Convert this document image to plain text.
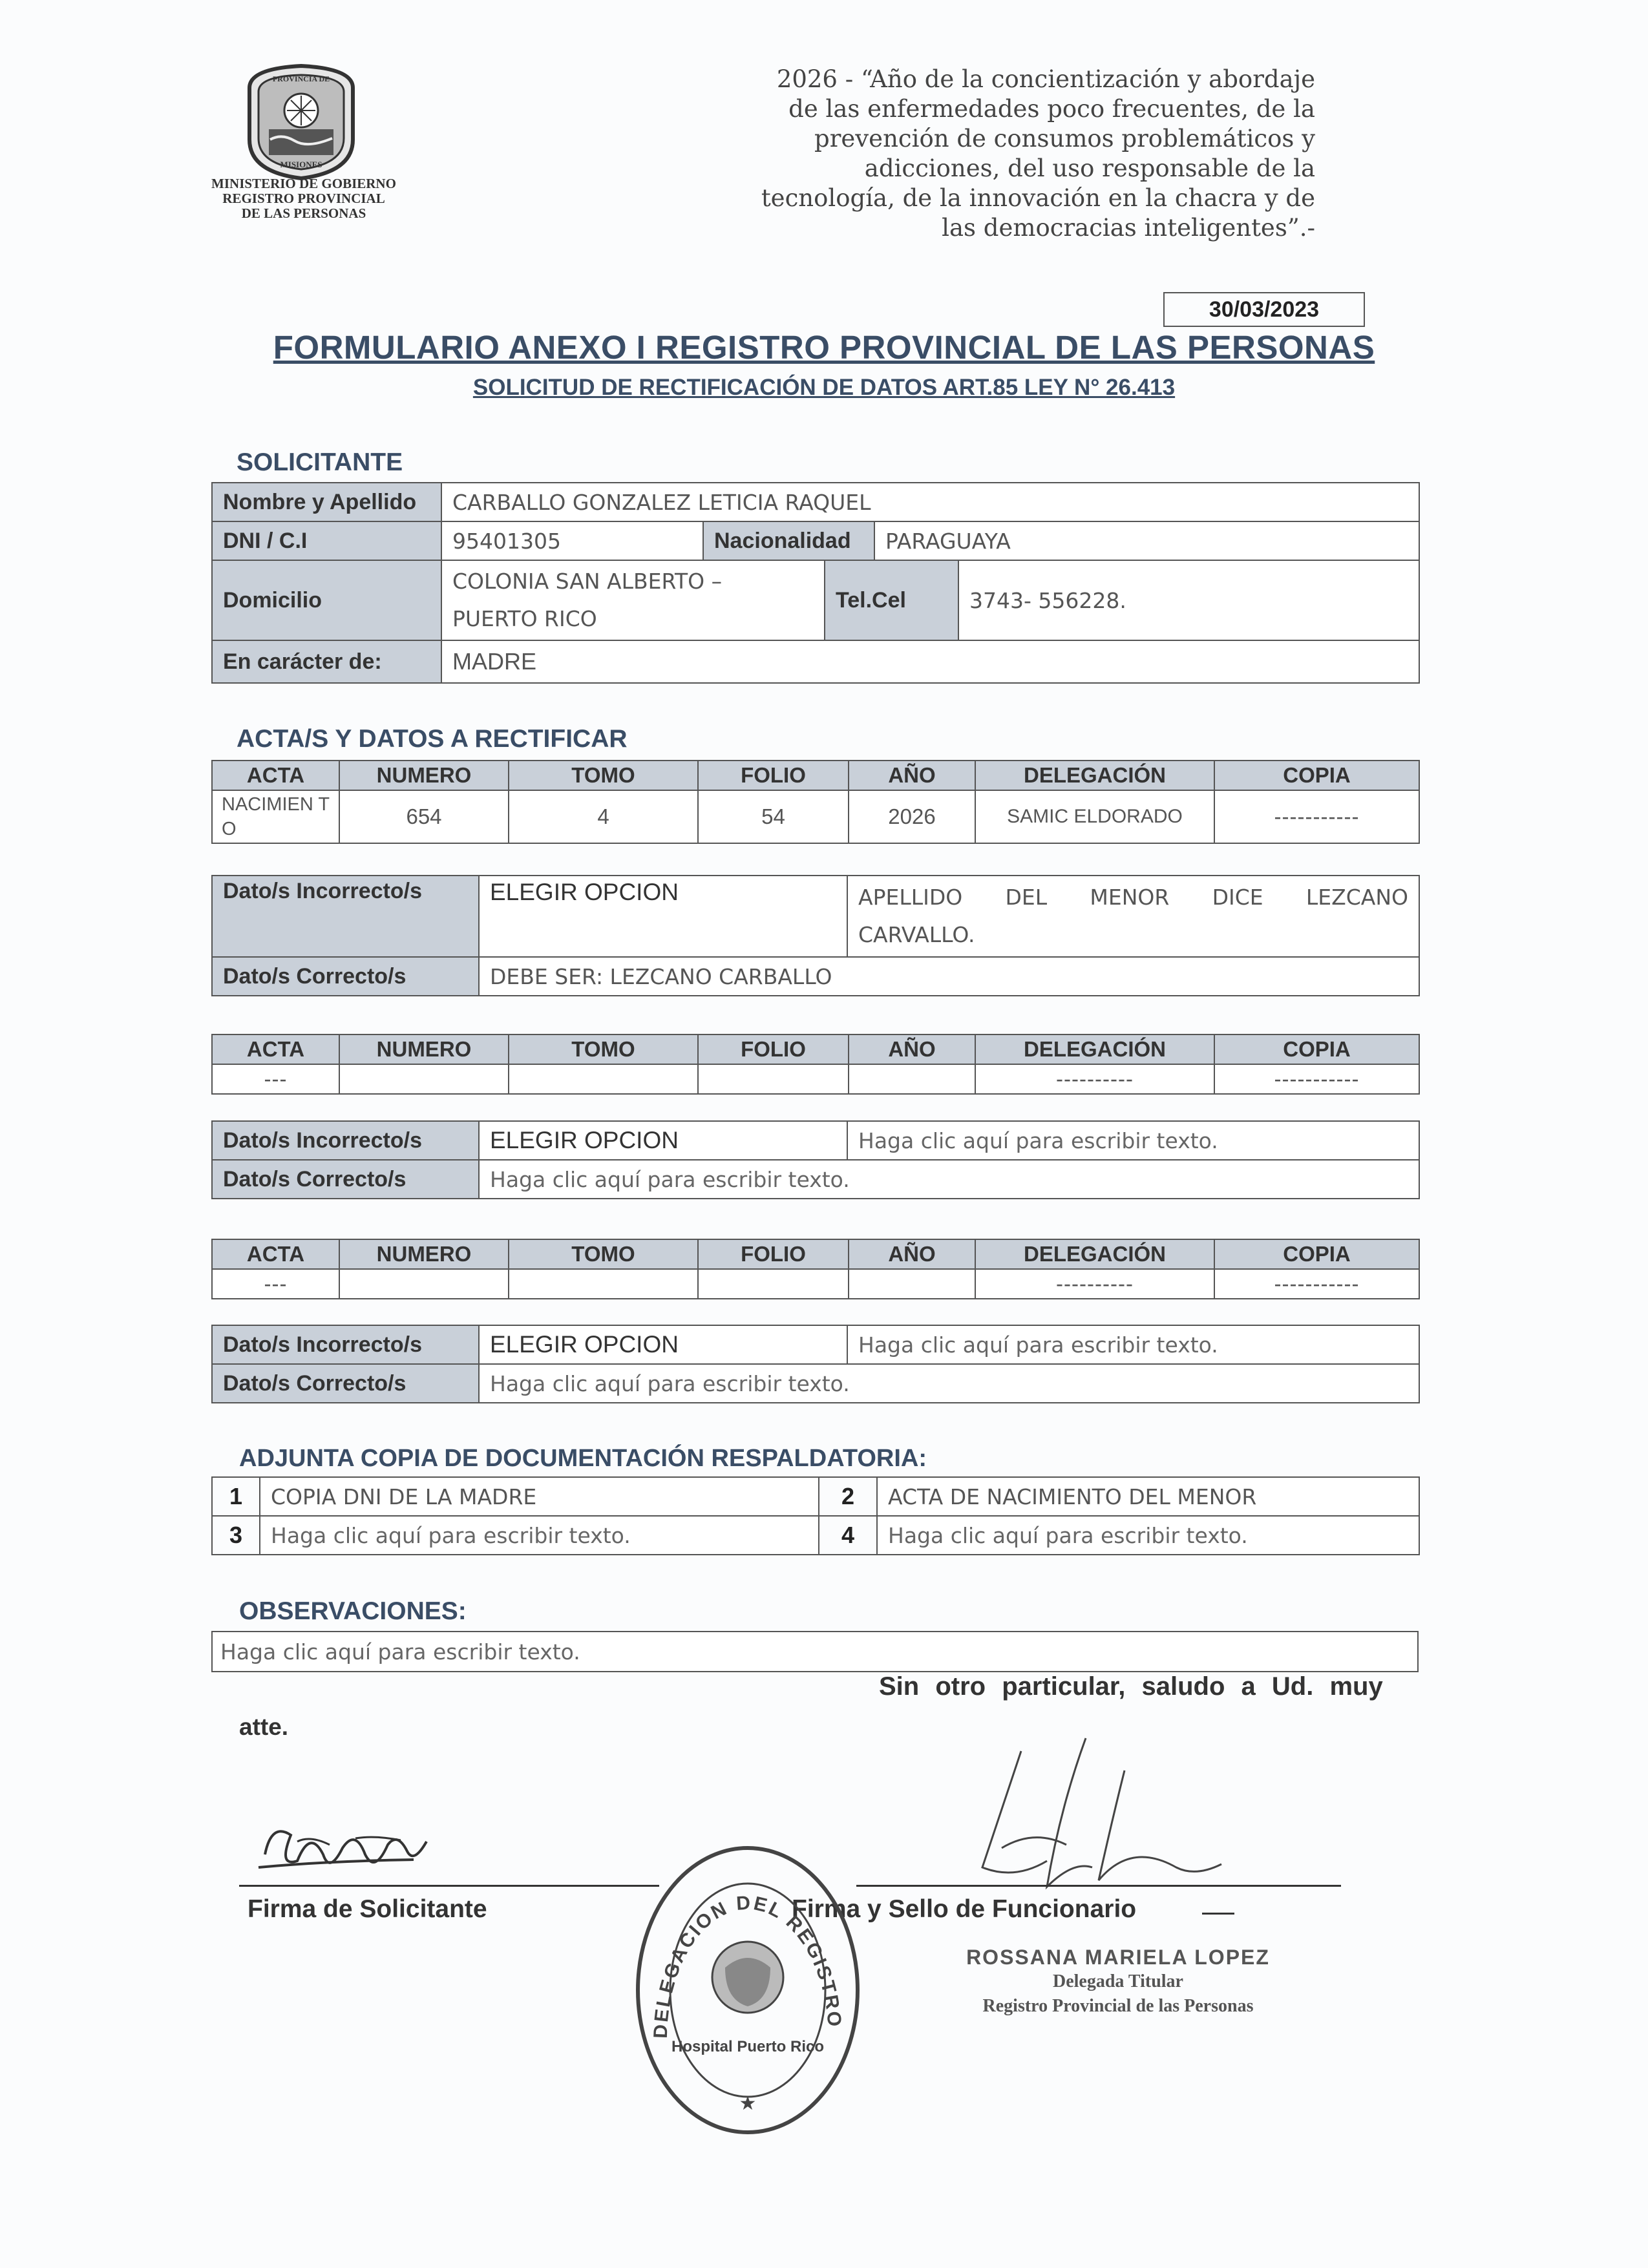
PROVINCIA DE
MISIONES
MINISTERIO DE GOBIERNO
REGISTRO PROVINCIAL
DE LAS PERSONAS
2026 - “Año de la concientización y abordaje
de las enfermedades poco frecuentes, de la
prevención de consumos problemáticos y
adicciones, del uso responsable de la
tecnología, de la innovación en la chacra y de
las democracias inteligentes”.-
30/03/2023
FORMULARIO ANEXO I REGISTRO PROVINCIAL DE LAS PERSONAS
SOLICITUD DE RECTIFICACIÓN DE DATOS ART.85 LEY N° 26.413
SOLICITANTE
Nombre y Apellido	CARBALLO GONZALEZ LETICIA RAQUEL				
DNI / C.I	95401305	Nacionalidad		PARAGUAYA	
Domicilio	COLONIA SAN ALBERTO –
PUERTO RICO		Tel.Cel		3743- 556228.
En carácter de:	MADRE				
ACTA/S Y DATOS A RECTIFICAR
ACTA	NUMERO	TOMO	FOLIO	AÑO	DELEGACIÓN	COPIA
NACIMIEN TO	654	4	54	2026	SAMIC ELDORADO	-----------
Dato/s Incorrecto/s	ELEGIR OPCION	APELLIDO DEL MENOR DICE LEZCANO CARVALLO.
Dato/s Correcto/s	DEBE SER: LEZCANO CARBALLO	
ACTA	NUMERO	TOMO	FOLIO	AÑO	DELEGACIÓN	COPIA
---					----------	-----------
Dato/s Incorrecto/s	ELEGIR OPCION	Haga clic aquí para escribir texto.
Dato/s Correcto/s	Haga clic aquí para escribir texto.	
ACTA	NUMERO	TOMO	FOLIO	AÑO	DELEGACIÓN	COPIA
---					----------	-----------
Dato/s Incorrecto/s	ELEGIR OPCION	Haga clic aquí para escribir texto.
Dato/s Correcto/s	Haga clic aquí para escribir texto.	
ADJUNTA COPIA DE DOCUMENTACIÓN RESPALDATORIA:
1	COPIA DNI DE LA MADRE	2	ACTA DE NACIMIENTO DEL MENOR
3	Haga clic aquí para escribir texto.	4	Haga clic aquí para escribir texto.
OBSERVACIONES:
Haga clic aquí para escribir texto.
Sin otro particular, saludo a Ud. muy
atte.
Firma de Solicitante	Firma y Sello de Funcionario
ROSSANA MARIELA LOPEZ
Delegada Titular
Registro Provincial de las Personas
DELEGACION DEL REGISTRO
Hospital Puerto Rico
★
